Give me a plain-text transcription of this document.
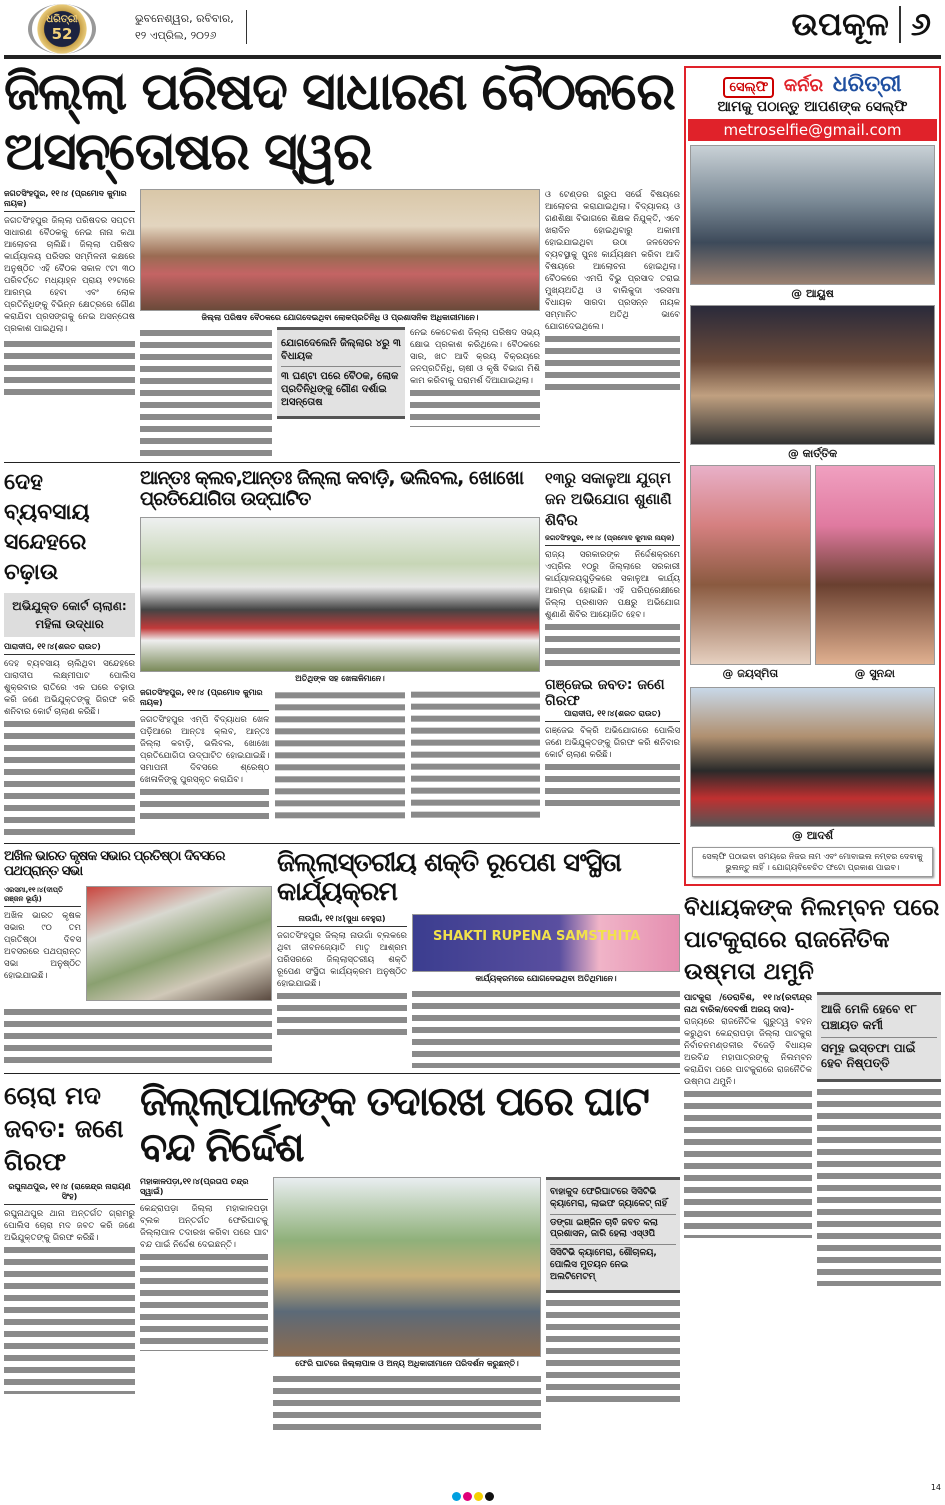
ଧରିତ୍ରୀ
52
ଭୁବନେଶ୍ୱର, ରବିବାର,
୧୨ ଏପ୍ରିଲ, ୨୦୨୬	ଉପକୂଳ ୬
ଜିଲ୍ଲା ପରିଷଦ ସାଧାରଣ ବୈଠକରେ ଅସନ୍ତୋଷର ସ୍ୱର
ଜଗତସିଂହପୁର, ୧୧।୪ (ପ୍ରମୋଦ କୁମାର ନାୟକ)
ଜଗତସିଂହପୁର ଜିଲ୍ଲା ପରିଷଦର ସପ୍ତମ ସାଧାରଣ ବୈଠକକୁ ନେଇ ନାନା କଥା ଆଲୋଚନା ଚାଲିଛି। ଜିଲ୍ଲା ପରିଷଦ କାର୍ଯ୍ୟାଳୟ ପରିସର ସମ୍ମିଳନୀ କକ୍ଷରେ ଅନୁଷ୍ଠିତ ଏହି ବୈଠକ ସକାଳ ୯ଟା ୩୦ ପରିବର୍ତ୍ତେ ମଧ୍ୟାହ୍ନ ପ୍ରାୟ ୧୨ଟାରେ ଆରମ୍ଭ ହେବା ଏବଂ ଲୋକ ପ୍ରତିନିଧିଙ୍କୁ ବିଭିନ୍ନ କ୍ଷେତ୍ରରେ ଗୌଣ କରାଯିବା ପ୍ରସଙ୍ଗକୁ ନେଇ ଅସନ୍ତୋଷ ପ୍ରକାଶ ପାଇଥିଲା।
ଜିଲ୍ଲା ପରିଷଦ ବୈଠକରେ ଯୋଗଦେଇଥିବା ଲୋକପ୍ରତିନିଧି ଓ ପ୍ରଶାସନିକ ଅଧିକାରୀମାନେ।
ଯୋଗଦେଲେନି ଜିଲ୍ଲାର ୪ରୁ ୩ ବିଧାୟକ
୩ ଘଣ୍ଟା ପରେ ବୈଠକ, ଲୋକ ପ୍ରତିନିଧିଙ୍କୁ ଗୌଣ ଦର୍ଶାଇ ଅସନ୍ତୋଷ
ନେଇ କେତେକଣ ଜିଲ୍ଲା ପରିଷଦ ସଭ୍ୟ କ୍ଷୋଭ ପ୍ରକାଶ କରିଥିଲେ। ବୈଠକରେ ସାର, ଖତ ଆଦି କ୍ରୟ ବିକ୍ରୟରେ ଜନପ୍ରତିନିଧି, ଚାଷୀ ଓ କୃଷି ବିଭାଗ ମିଶି କାମ କରିବାକୁ ପରାମର୍ଶ ଦିଆଯାଇଥିଲା।
ଓ ଟେଣ୍ଡର ଗ୍ରୁପ ସର୍ଭେ ବିଷୟରେ ଆଲୋଚନା କରାଯାଇଥିଲା। ବିଦ୍ୟାଳୟ ଓ ଗଣଶିକ୍ଷା ବିଭାଗରେ ଶିକ୍ଷକ ନିଯୁକ୍ତି, ଏବେ ଖରାଦିନ ହୋଇଥିବାରୁ ଅକାମୀ ହୋଇଯାଇଥିବା ଉଠା ଜଳସେଚନ ବ୍ୟବସ୍ଥାକୁ ପୁନଃ କାର୍ଯ୍ୟକ୍ଷମ କରିବା ଆଦି ବିଷୟରେ ଆଲୋଚନା ହୋଇଥିଲା। ବୈଠକରେ ଏମପି ବିଭୁ ପ୍ରସାଦ ତରାଇ ମୁଖ୍ୟଅତିଥି ଓ ବାଲିକୁଦା ଏରସମା ବିଧାୟକ ସାରଦା ପ୍ରସନ୍ନ ନାୟକ ସମ୍ମାନିତ ଅତିଥି ଭାବେ ଯୋଗଦେଇଥିଲେ।
ଦେହ ବ୍ୟବସାୟ ସନ୍ଦେହରେ ଚଢ଼ାଉ
ଅଭିଯୁକ୍ତ କୋର୍ଟ ଚାଲାଣ: ମହିଳା ଉଦ୍ଧାର
ପାରାଦୀପ, ୧୧।୪(ଶରତ ରାଉତ)
ଦେହ ବ୍ୟବସାୟ ଚାଲିଥିବା ସନ୍ଦେହରେ ପାରାଦୀପ ଲକ୍ଷ୍ମୀପାଟ ପୋଲିସ ଶୁକ୍ରବାର ରାତିରେ ଏକ ଘରେ ଚଢ଼ାଉ କରି ଜଣେ ଅଭିଯୁକ୍ତଙ୍କୁ ଗିରଫ କରି ଶନିବାର କୋର୍ଟ ଚାଲାଣ କରିଛି।
ଆନ୍ତଃ କ୍ଲବ,ଆନ୍ତଃ ଜିଲ୍ଲା କବାଡ଼ି, ଭଲିବଲ, ଖୋଖୋ ପ୍ରତିଯୋଗିତା ଉଦ୍‌ଘାଟିତ
ଅତିଥିଙ୍କ ସହ ଖେଳାଳିମାନେ।
ଜଗତସିଂହପୁର, ୧୧।୪ (ପ୍ରମୋଦ କୁମାର ନାୟକ)
ଜଗତସିଂହପୁର ଏମ୍‌ପି ବିଦ୍ୟାଧର ଖେଳ ପଡ଼ିଆରେ ଆନ୍ତଃ କ୍ଲବ, ଆନ୍ତଃ ଜିଲ୍ଲା କବାଡ଼ି, ଭଲିବଲ, ଖୋଖୋ ପ୍ରତିଯୋଗିତା ଉଦ୍‌ଘାଟିତ ହୋଇଯାଇଛି। ସମାପନୀ ଦିବସରେ ଶ୍ରେଷ୍ଠ ଖେଳାଳିଙ୍କୁ ପୁରସ୍କୃତ କରାଯିବ।
୧୩ରୁ ସକାଳୁଆ ଯୁଗ୍ମ ଜନ ଅଭିଯୋଗ ଶୁଣାଣି ଶିବିର
ଜଗତସିଂହପୁର, ୧୧।୪ (ପ୍ରମୋଦ କୁମାର ନାୟକ)
ରାଜ୍ୟ ସରକାରଙ୍କ ନିର୍ଦ୍ଦେଶକ୍ରମେ ଏପ୍ରିଲ ୧୦ରୁ ଜିଲ୍ଲାରେ ସରକାରୀ କାର୍ଯ୍ୟାଳୟଗୁଡ଼ିକରେ ସକାଳୁଆ କାର୍ଯ୍ୟ ଆରମ୍ଭ ହୋଇଛି। ଏହି ପରିପ୍ରେକ୍ଷୀରେ ଜିଲ୍ଲା ପ୍ରଶାସନ ପକ୍ଷରୁ ଅଭିଯୋଗ ଶୁଣାଣି ଶିବିର ଆୟୋଜିତ ହେବ।
ଗଞ୍ଜେଇ ଜବତ: ଜଣେ ଗିରଫ
ପାରାଦୀପ, ୧୧।୪(ଶରତ ରାଉତ)
ଗଞ୍ଜେଇ ବିକ୍ରି ଅଭିଯୋଗରେ ପୋଲିସ ଜଣେ ଅଭିଯୁକ୍ତଙ୍କୁ ଗିରଫ କରି ଶନିବାର କୋର୍ଟ ଚାଲାଣ କରିଛି।
ଅଖିଳ ଭାରତ କୃଷକ ସଭାର ପ୍ରତିଷ୍ଠା ଦିବସରେ ପଥପ୍ରାନ୍ତ ସଭା
ଏରସମା,୧୧।୪(ଦୀପ୍ତି ରଞ୍ଜନ ଭୂୟାଁ)
ଅଖିଳ ଭାରତ କୃଷକ ସଭାର ୯୦ ତମ ପ୍ରତିଷ୍ଠା ଦିବସ ଅବସରରେ ପଥପ୍ରାନ୍ତ ସଭା ଅନୁଷ୍ଠିତ ହୋଇଯାଇଛି।
ଜିଲ୍ଲାସ୍ତରୀୟ ଶକ୍ତି ରୂପେଣ ସଂସ୍ଥିତା କାର୍ଯ୍ୟକ୍ରମ
ନାଉଗାଁ, ୧୧।୪(ସୁଧା ବେହୁରା)
ଜଗତସିଂହପୁର ଜିଲ୍ଲା ନାଉଗାଁ ବ୍ଲକରେ ଥିବା ଜୀବନଜ୍ୟୋତି ମାତୃ ଆଶ୍ରମ ପରିସରରେ ଜିଲ୍ଲାସ୍ତରୀୟ ଶକ୍ତି ରୂପେଣ ସଂସ୍ଥିତା କାର୍ଯ୍ୟକ୍ରମ ଅନୁଷ୍ଠିତ ହୋଇଯାଇଛି।
SHAKTI RUPENA SAMSTHITA
କାର୍ଯ୍ୟକ୍ରମରେ ଯୋଗଦେଇଥିବା ଅତିଥିମାନେ।
ଚୋରା ମଦ ଜବତ: ଜଣେ ଗିରଫ
ରଘୁନାଥପୁର, ୧୧।୪ (ରାଜେନ୍ଦ୍ର ନାରାୟଣ ସିଂହ)
ରଘୁନାଥପୁର ଥାନା ଅନ୍ତର୍ଗତ ଗ୍ରାମରୁ ପୋଲିସ ଚୋରା ମଦ ଜବତ କରି ଜଣେ ଅଭିଯୁକ୍ତଙ୍କୁ ଗିରଫ କରିଛି।
ଜିଲ୍ଲାପାଳଙ୍କ ତଦାରଖ ପରେ ଘାଟ ବନ୍ଦ ନିର୍ଦ୍ଦେଶ
ମହାକାଳପଡ଼ା,୧୧।୪(ପ୍ରତାପ ଚନ୍ଦ୍ର ସ୍ୱାଇଁ)
କେନ୍ଦ୍ରାପଡ଼ା ଜିଲ୍ଲା ମହାକାଳପଡ଼ା ବ୍ଲକ ଅନ୍ତର୍ଗତ ଫେରିଘାଟକୁ ଜିଲ୍ଲାପାଳ ତଦାରଖ କରିବା ପରେ ଘାଟ ବନ୍ଦ ପାଇଁ ନିର୍ଦ୍ଦେଶ ଦେଇଛନ୍ତି।
ଫେରି ଘାଟରେ ଜିଲ୍ଲାପାଳ ଓ ଅନ୍ୟ ଅଧିକାରୀମାନେ ପରିଦର୍ଶନ କରୁଛନ୍ତି।
ବାହାକୁଦ ଫେରିଘାଟରେ ସିସିଟିଭି କ୍ୟାମେରା, ଲାଇଫ ଜ୍ୟାକେଟ୍ ନାହିଁ
ଡଙ୍ଗା ଇଞ୍ଜିନ ଚାବି ଜବତ କଲା ପ୍ରଶାସନ, ଜାରି ହେଲା ଏସ୍‌ଓପି
ସିସିଟିଭି କ୍ୟାମେରା, ଶୌଚାଳୟ, ପୋଲିସ ମୁତୟନ ନେଇ ଅଲଟିମେଟମ୍
ସେଲ୍ଫି କର୍ନର ଧରିତ୍ରୀ
ଆମକୁ ପଠାନ୍ତୁ ଆପଣଙ୍କ ସେଲ୍ଫି
metroselfie@gmail.com
@ ଆୟୁଷ
@ କାର୍ତ୍ତିକ
@ ଜୟସ୍ମିତା	@ ସୁନନ୍ଦା
@ ଆଦର୍ଶ
ସେଲ୍ଫି ପଠାଇବା ସମୟରେ ନିଜର ନାମ ଏବଂ ମୋବାଇଲ ନମ୍ବର ଦେବାକୁ ଭୁଲନ୍ତୁ ନାହିଁ । ଯୋଗ୍ୟବିବେଚିତ ଫଟୋ ପ୍ରକାଶ ପାଇବ।
ବିଧାୟକଙ୍କ ନିଲମ୍ବନ ପରେ ପାଟକୁରାରେ ରାଜନୈତିକ ଉଷ୍ମତା ଥମୁନି
ପାଟକୁରା /ଡେରାବିଶ, ୧୧।୪(ରବୀନ୍ଦ୍ର ନାଥ ବାରିକ/ଦେବର୍ଷୀ ଅଜୟ ଦାସ)-
ରାଜ୍ୟରେ ରାଜନୈତିକ ଗୁରୁତ୍ୱ ବହନ କରୁଥିବା କେନ୍ଦ୍ରାପଡ଼ା ଜିଲ୍ଲା ପାଟକୁରା ନିର୍ବାଚନମଣ୍ଡଳୀର ବିଜେଡ଼ି ବିଧାୟକ ଅରବିନ୍ଦ ମହାପାତ୍ରଙ୍କୁ ନିଲମ୍ବନ କରାଯିବା ପରେ ପାଟକୁରାରେ ରାଜନୈତିକ ଉଷ୍ମତା ଥମୁନି।
ଆଜି ମେଳି ହେବେ ୧୮ ପଞ୍ଚାୟତ କର୍ମୀ
ସମୂହ ଇସ୍ତଫା ପାଇଁ ହେବ ନିଷ୍ପତ୍ତି
14
